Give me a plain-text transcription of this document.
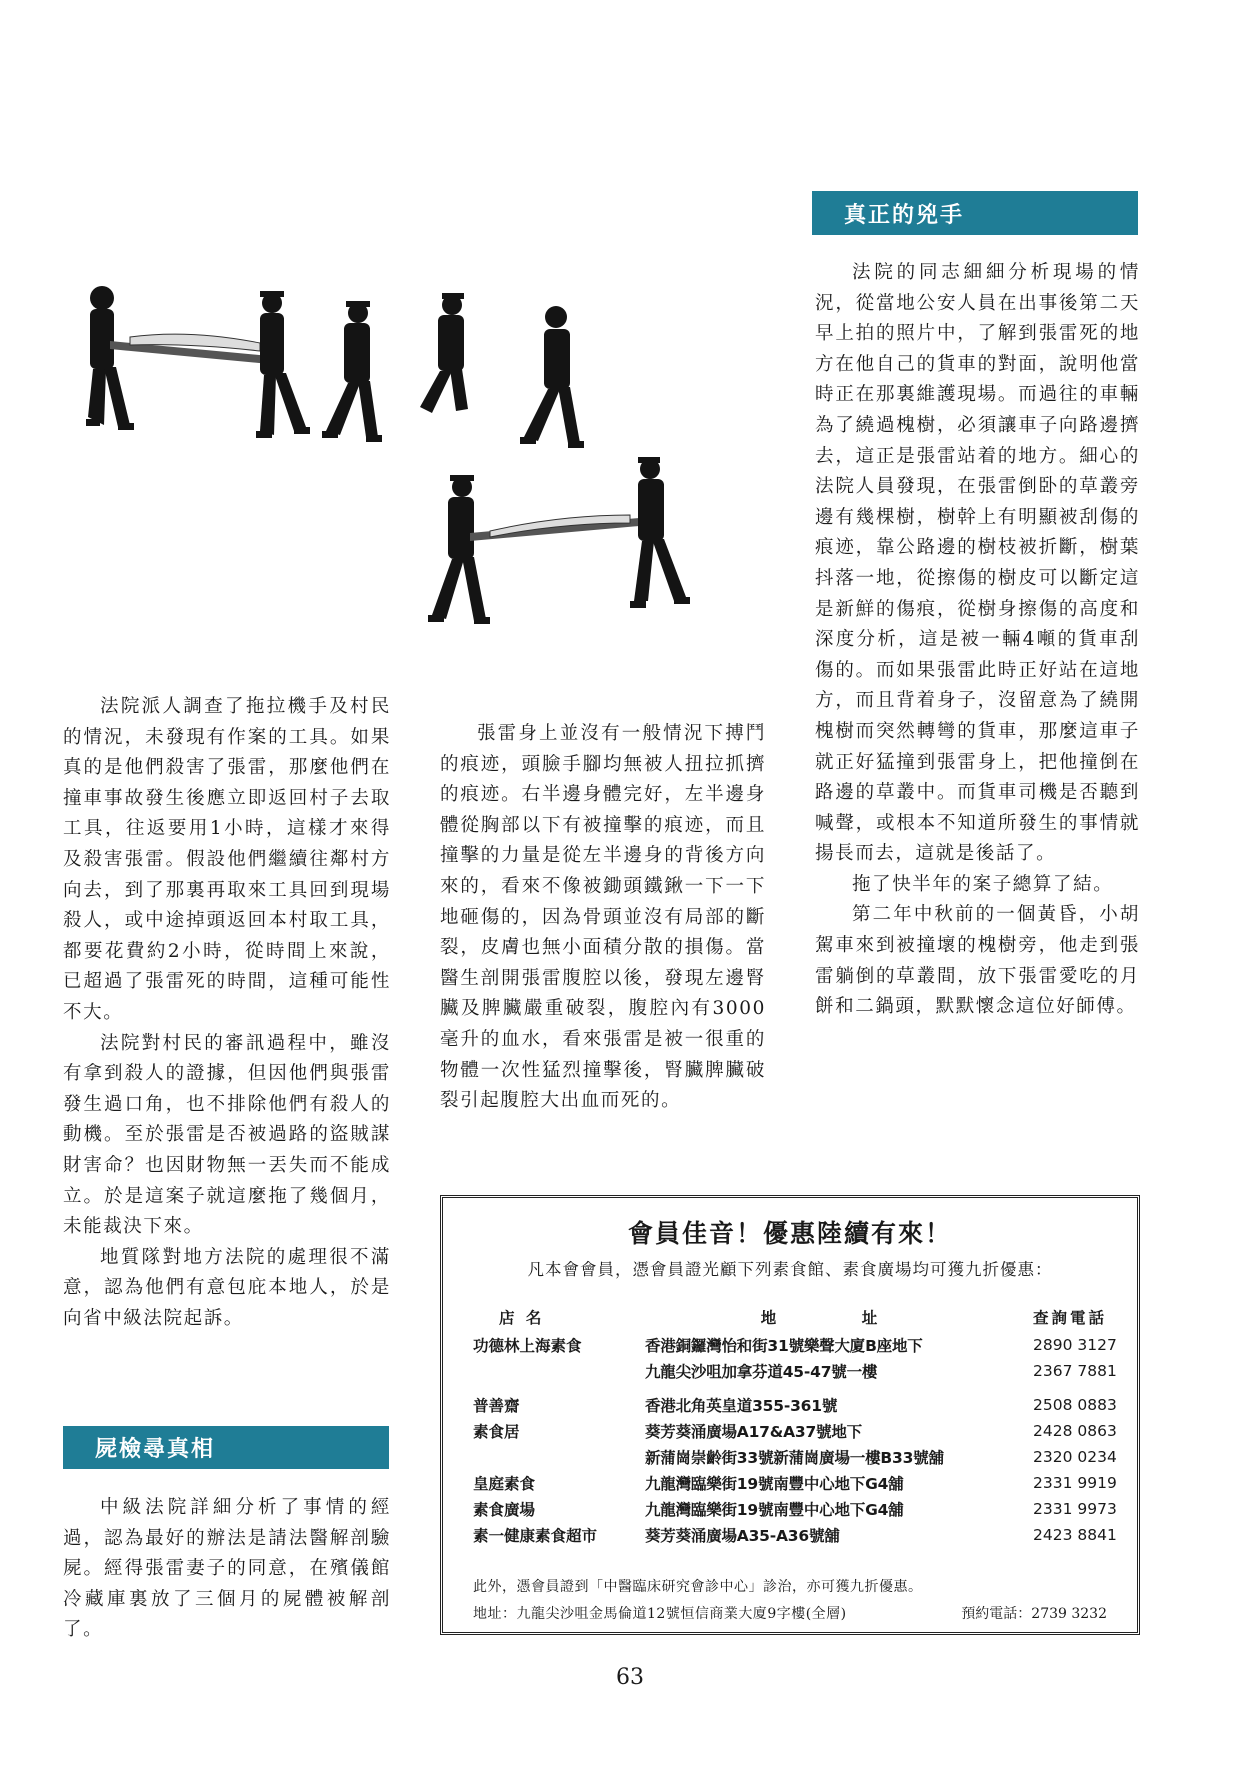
真正的兇手

法院派人調查了拖拉機手及村民的情況，未發現有作案的工具。如果真的是他們殺害了張雷，那麼他們在撞車事故發生後應立即返回村子去取工具，往返要用1小時，這樣才來得及殺害張雷。假設他們繼續往鄰村方向去，到了那裏再取來工具回到現場殺人，或中途掉頭返回本村取工具，都要花費約2小時，從時間上來說，已超過了張雷死的時間，這種可能性不大。

法院對村民的審訊過程中，雖沒有拿到殺人的證據，但因他們與張雷發生過口角，也不排除他們有殺人的動機。至於張雷是否被過路的盜賊謀財害命？也因財物無一丟失而不能成立。於是這案子就這麼拖了幾個月，未能裁決下來。

地質隊對地方法院的處理很不滿意，認為他們有意包庇本地人，於是向省中級法院起訴。

屍檢尋真相

中級法院詳細分析了事情的經過，認為最好的辦法是請法醫解剖驗屍。經得張雷妻子的同意，在殯儀館冷藏庫裏放了三個月的屍體被解剖了。

張雷身上並沒有一般情況下搏鬥的痕迹，頭臉手腳均無被人扭拉抓擠的痕迹。右半邊身體完好，左半邊身體從胸部以下有被撞擊的痕迹，而且撞擊的力量是從左半邊身的背後方向來的，看來不像被鋤頭鐵鍬一下一下地砸傷的，因為骨頭並沒有局部的斷裂，皮膚也無小面積分散的損傷。當醫生剖開張雷腹腔以後，發現左邊腎臟及脾臟嚴重破裂，腹腔內有3000毫升的血水，看來張雷是被一很重的物體一次性猛烈撞擊後，腎臟脾臟破裂引起腹腔大出血而死的。

法院的同志細細分析現場的情況，從當地公安人員在出事後第二天早上拍的照片中，了解到張雷死的地方在他自己的貨車的對面，說明他當時正在那裏維護現場。而過往的車輛為了繞過槐樹，必須讓車子向路邊擠去，這正是張雷站着的地方。細心的法院人員發現，在張雷倒卧的草叢旁邊有幾棵樹，樹幹上有明顯被刮傷的痕迹，靠公路邊的樹枝被折斷，樹葉抖落一地，從擦傷的樹皮可以斷定這是新鮮的傷痕，從樹身擦傷的高度和深度分析，這是被一輛4噸的貨車刮傷的。而如果張雷此時正好站在這地方，而且背着身子，沒留意為了繞開槐樹而突然轉彎的貨車，那麼這車子就正好猛撞到張雷身上，把他撞倒在路邊的草叢中。而貨車司機是否聽到喊聲，或根本不知道所發生的事情就揚長而去，這就是後話了。

拖了快半年的案子總算了結。

第二年中秋前的一個黃昏，小胡駕車來到被撞壞的槐樹旁，他走到張雷躺倒的草叢間，放下張雷愛吃的月餅和二鍋頭，默默懷念這位好師傅。

會員佳音！優惠陸續有來！
凡本會會員，憑會員證光顧下列素食館、素食廣場均可獲九折優惠：
店 名	地 址	查詢電話
功德林上海素食	香港銅鑼灣怡和街31號樂聲大廈B座地下	2890 3127
	九龍尖沙咀加拿芬道45-47號一樓	2367 7881
普善齋	香港北角英皇道355-361號	2508 0883
素食居	葵芳葵涌廣場A17&A37號地下	2428 0863
	新蒲崗崇齡街33號新蒲崗廣場一樓B33號舖	2320 0234
皇庭素食	九龍灣臨樂街19號南豐中心地下G4舖	2331 9919
素食廣場	九龍灣臨樂街19號南豐中心地下G4舖	2331 9973
素一健康素食超市	葵芳葵涌廣場A35-A36號舖	2423 8841
此外，憑會員證到「中醫臨床研究會診中心」診治，亦可獲九折優惠。
地址：九龍尖沙咀金馬倫道12號恒信商業大廈9字樓(全層)	預約電話：2739 3232
63
